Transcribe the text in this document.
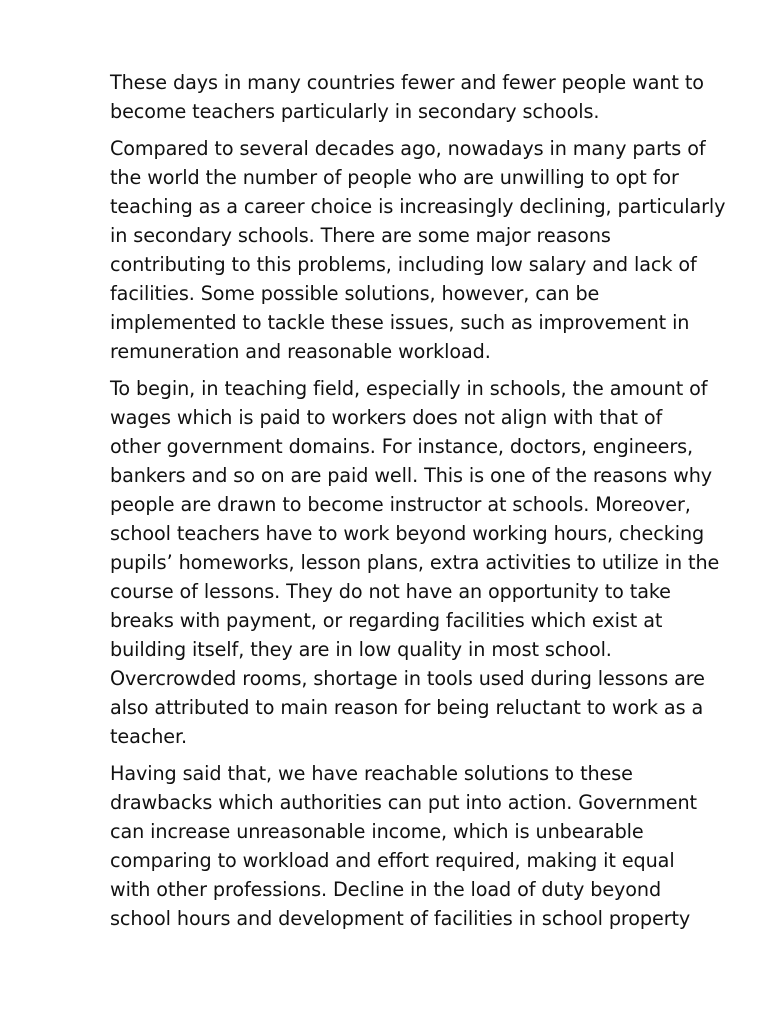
These days in many countries fewer and fewer people want to
become teachers particularly in secondary schools.

Compared to several decades ago, nowadays in many parts of
the world the number of people who are unwilling to opt for
teaching as a career choice is increasingly declining, particularly
in secondary schools. There are some major reasons
contributing to this problems, including low salary and lack of
facilities. Some possible solutions, however, can be
implemented to tackle these issues, such as improvement in
remuneration and reasonable workload.

To begin, in teaching field, especially in schools, the amount of
wages which is paid to workers does not align with that of
other government domains. For instance, doctors, engineers,
bankers and so on are paid well. This is one of the reasons why
people are drawn to become instructor at schools. Moreover,
school teachers have to work beyond working hours, checking
pupils’ homeworks, lesson plans, extra activities to utilize in the
course of lessons. They do not have an opportunity to take
breaks with payment, or regarding facilities which exist at
building itself, they are in low quality in most school.
Overcrowded rooms, shortage in tools used during lessons are
also attributed to main reason for being reluctant to work as a
teacher.

Having said that, we have reachable solutions to these
drawbacks which authorities can put into action. Government
can increase unreasonable income, which is unbearable
comparing to workload and effort required, making it equal
with other professions. Decline in the load of duty beyond
school hours and development of facilities in school property
